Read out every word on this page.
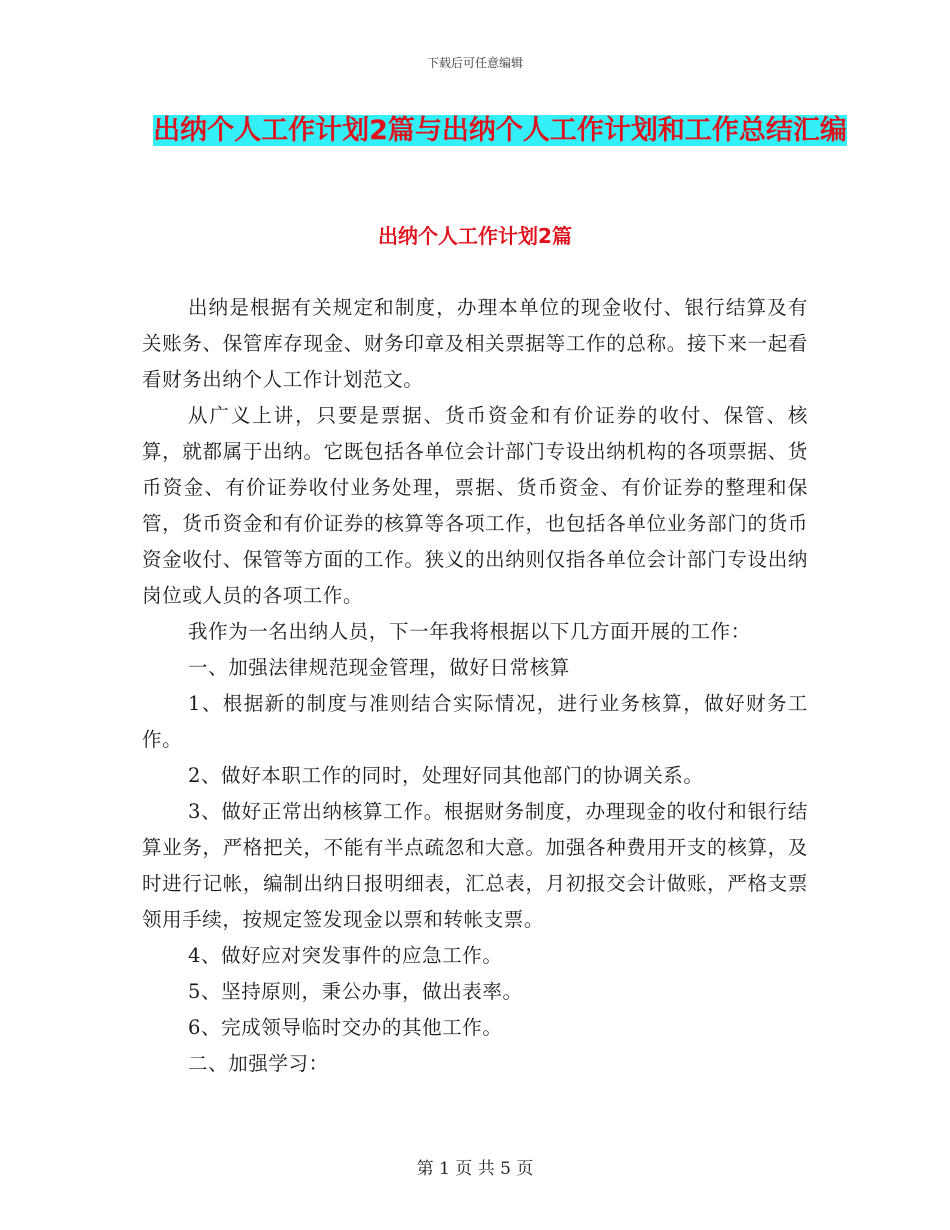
下载后可任意编辑
出纳个人工作计划2篇与出纳个人工作计划和工作总结汇编
出纳个人工作计划2篇

出纳是根据有关规定和制度，办理本单位的现金收付、银行结算及有关账务、保管库存现金、财务印章及相关票据等工作的总称。接下来一起看看财务出纳个人工作计划范文。

从广义上讲，只要是票据、货币资金和有价证券的收付、保管、核算，就都属于出纳。它既包括各单位会计部门专设出纳机构的各项票据、货币资金、有价证券收付业务处理，票据、货币资金、有价证券的整理和保管，货币资金和有价证券的核算等各项工作，也包括各单位业务部门的货币资金收付、保管等方面的工作。狭义的出纳则仅指各单位会计部门专设出纳岗位或人员的各项工作。

我作为一名出纳人员，下一年我将根据以下几方面开展的工作：

一、加强法律规范现金管理，做好日常核算

1、根据新的制度与准则结合实际情况，进行业务核算，做好财务工作。

2、做好本职工作的同时，处理好同其他部门的协调关系。

3、做好正常出纳核算工作。根据财务制度，办理现金的收付和银行结算业务，严格把关，不能有半点疏忽和大意。加强各种费用开支的核算，及时进行记帐，编制出纳日报明细表，汇总表，月初报交会计做账，严格支票领用手续，按规定签发现金以票和转帐支票。

4、做好应对突发事件的应急工作。

5、坚持原则，秉公办事，做出表率。

6、完成领导临时交办的其他工作。

二、加强学习：

第 1 页 共 5 页
